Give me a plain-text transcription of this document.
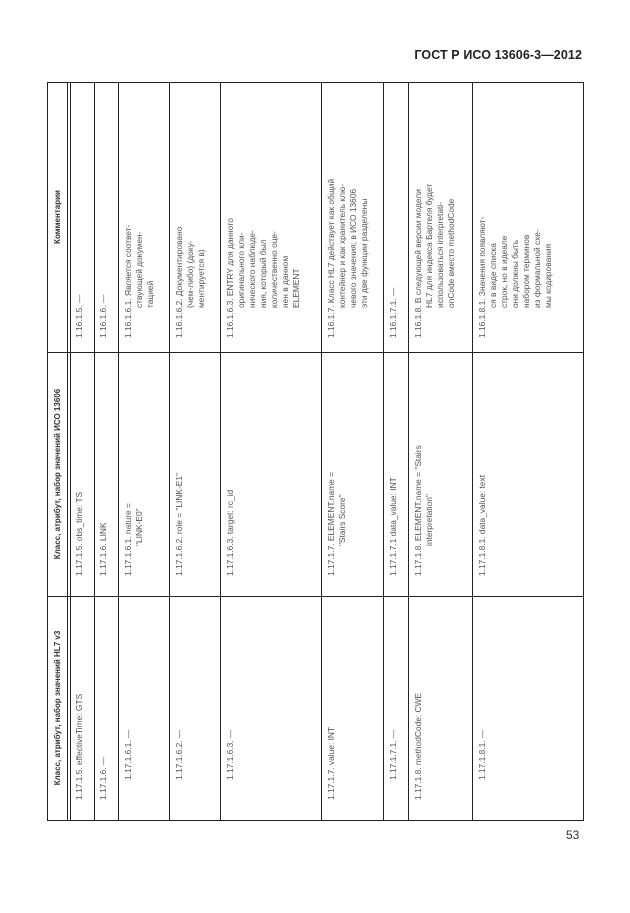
ГОСТ Р ИСО 13606-3—2012
Класс, атрибут, набор значений HL7 v3
Класс, атрибут, набор значений ИСО 13606
Комментарии
1.17.1.5. effectiveTime: GTS
1.17.1.5. obs_time: TS
1.16.1.5. —
1.17.1.6. —
1.17.1.6. LINK
1.16.1.6. —
1.17.1.6.1. —
1.17.1.6.1. nature = "LINK-E0"
1.16.1.6.1. Является соответ- ствующей докумен- тацией
1.17.1.6.2. —
1.17.1.6.2. role = "LINK-E1"
1.16.1.6.2. Документировано (чем-либо) (доку- ментируется в)
1.17.1.6.3. —
1.17.1.6.3. target: rc_id
1.16.1.6.3. ENTRY для данного оригинального кли- нического наблюде- ния, который был количественно оце- нен в данном ELEMENT
1.17.1.7. value: INT
1.17.1.7. ELEMENT.name = "Stairs Score"
1.16.1.7. Класс HL7 действует как общий контейнер и как хранитель клю- чевого значения; в ИСО 13606 эти две функции разделены
1.17.1.7.1. —
1.17.1.7.1 data_value: INT
1.16.1.7.1. —
1.17.1.8. methodCode: CWE
1.17.1.8. ELEMENT.name = "Stairs interpretation"
1.16.1.8. В следующей версии модели HL7 для индекса Бартеля будет использоваться interpretati- onCode вместо methodCode
1.17.1.8.1. —
1.17.1.8.1. data_value: text
1.16.1.8.1. Значения появляют- ся в виде списка строк, но в идеале они должны быть набором терминов из формальной схе- мы кодирования
53
